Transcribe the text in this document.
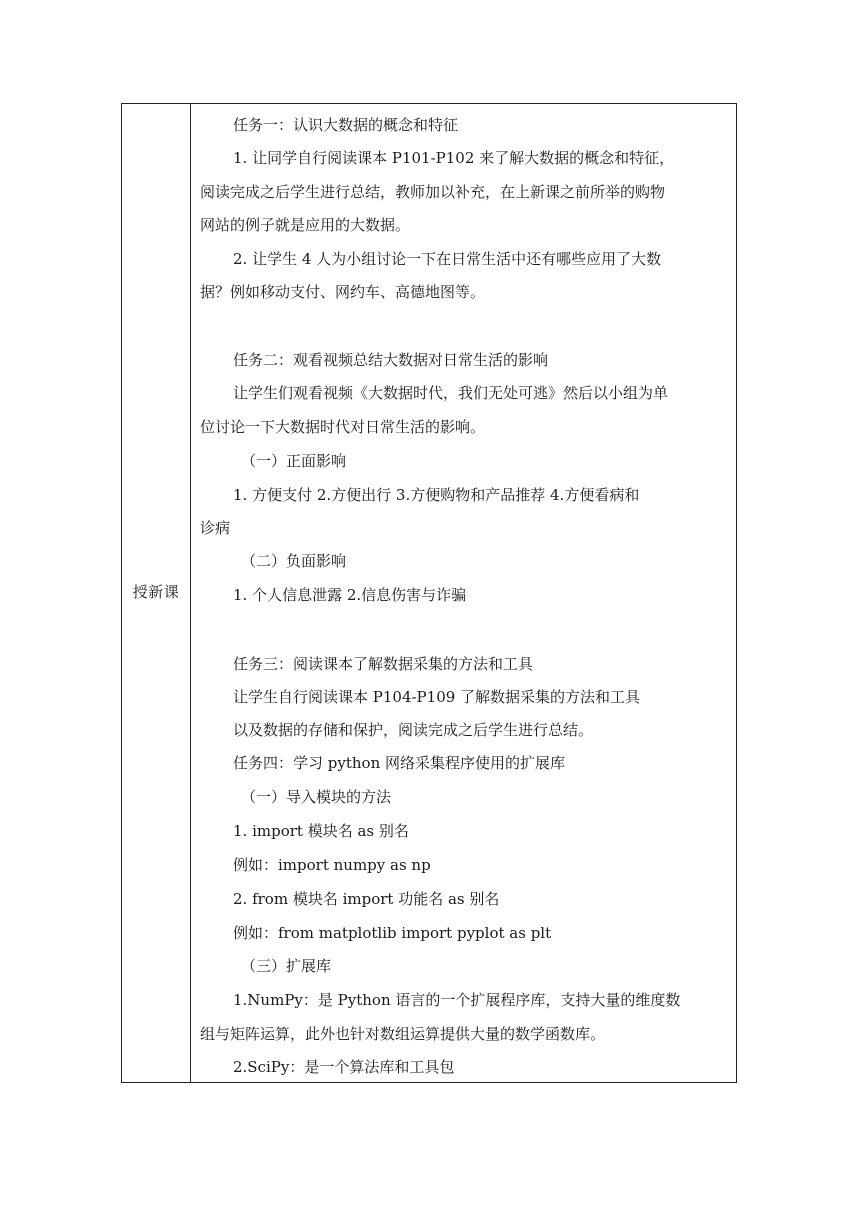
授新课
任务一：认识大数据的概念和特征
1. 让同学自行阅读课本 P101-P102 来了解大数据的概念和特征，
阅读完成之后学生进行总结，教师加以补充，在上新课之前所举的购物
网站的例子就是应用的大数据。
2. 让学生 4 人为小组讨论一下在日常生活中还有哪些应用了大数
据？例如移动支付、网约车、高德地图等。
任务二：观看视频总结大数据对日常生活的影响
让学生们观看视频《大数据时代，我们无处可逃》然后以小组为单
位讨论一下大数据时代对日常生活的影响。
（一）正面影响
1. 方便支付 2.方便出行 3.方便购物和产品推荐 4.方便看病和
诊病
（二）负面影响
1. 个人信息泄露 2.信息伤害与诈骗
任务三：阅读课本了解数据采集的方法和工具
让学生自行阅读课本 P104-P109 了解数据采集的方法和工具
以及数据的存储和保护，阅读完成之后学生进行总结。
任务四：学习 python 网络采集程序使用的扩展库
（一）导入模块的方法
1. import 模块名 as 别名
例如：import numpy as np
2. from 模块名 import 功能名 as 别名
例如：from matplotlib import pyplot as plt
（三）扩展库
1.NumPy：是 Python 语言的一个扩展程序库，支持大量的维度数
组与矩阵运算，此外也针对数组运算提供大量的数学函数库。
2.SciPy：是一个算法库和工具包
